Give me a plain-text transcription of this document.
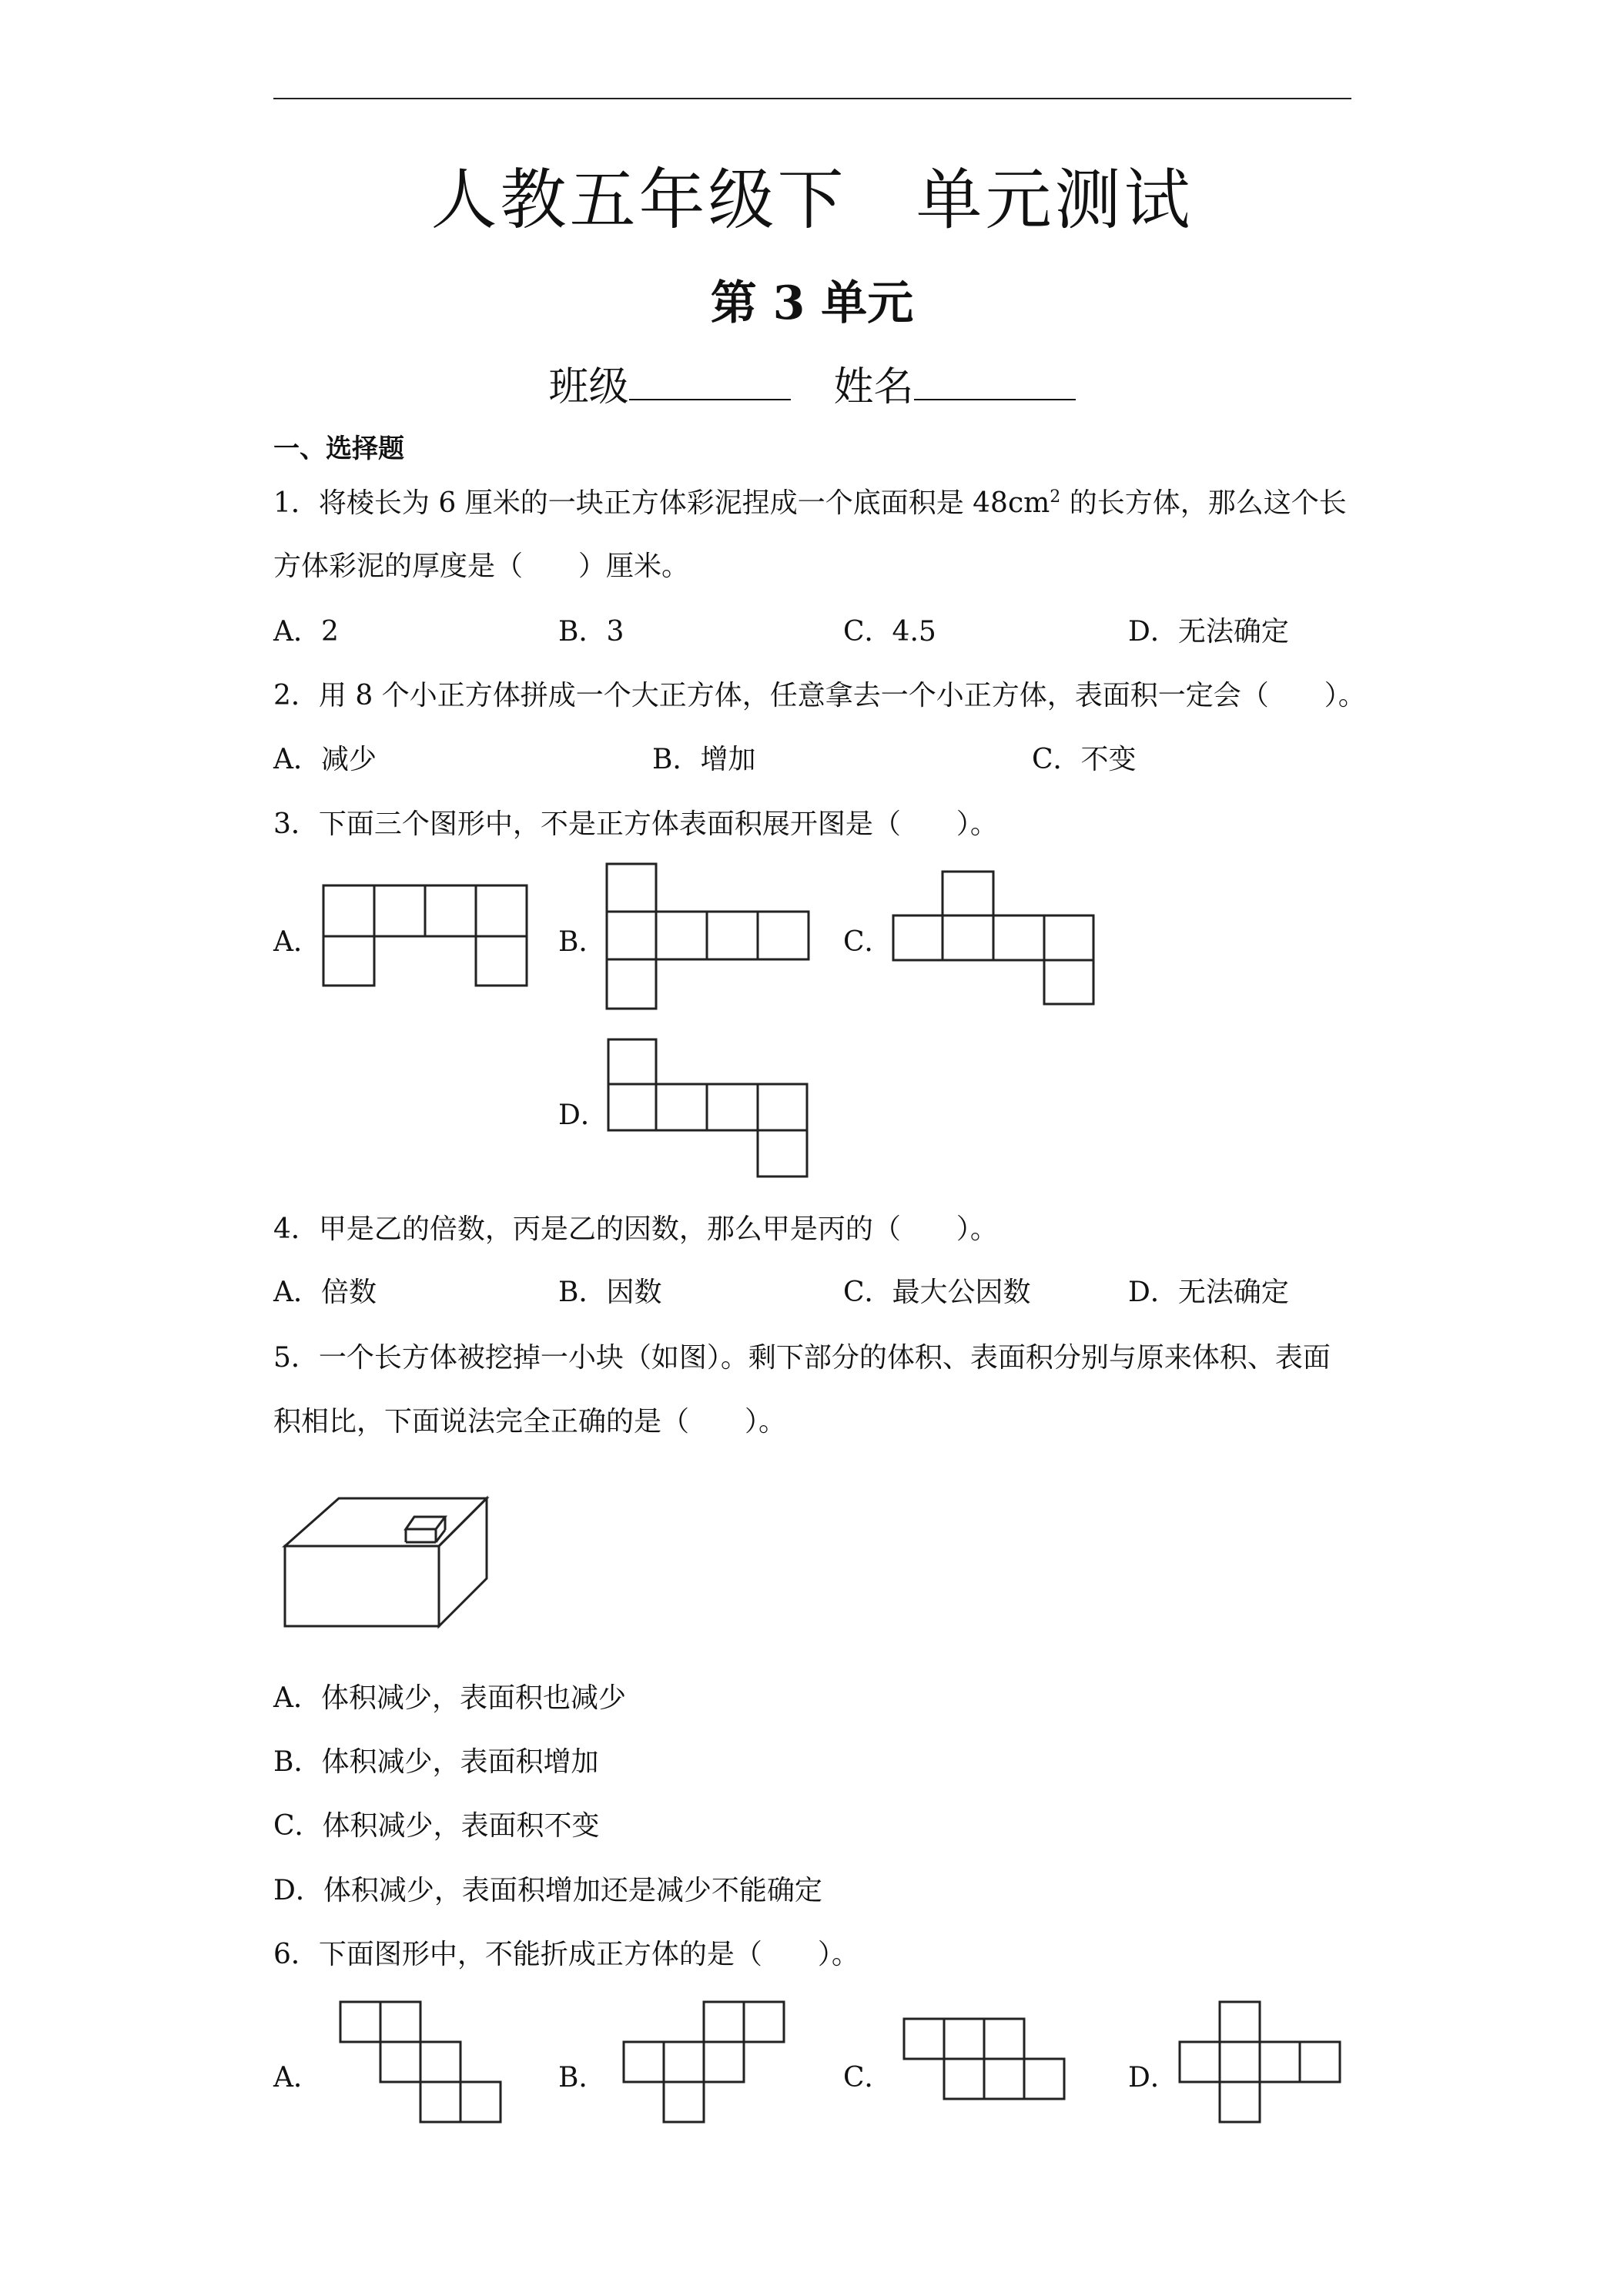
人教五年级下 单元测试
第 3 单元
班级	姓名
一、选择题
1．将棱长为 6 厘米的一块正方体彩泥捏成一个底面积是 $48cm^2$ 的长方体，那么这个长
方体彩泥的厚度是（　　）厘米。
A．2	B．3	C．4.5	D．无法确定
2．用 8 个小正方体拼成一个大正方体，任意拿去一个小正方体，表面积一定会（　　）。
A．减少	B．增加	C．不变
3．下面三个图形中，不是正方体表面积展开图是（　　）。
A．	B．	C．
D．
4．甲是乙的倍数，丙是乙的因数，那么甲是丙的（　　）。
A．倍数	B．因数	C．最大公因数	D．无法确定
5．一个长方体被挖掉一小块（如图）。剩下部分的体积、表面积分别与原来体积、表面
积相比，下面说法完全正确的是（　　）。
A．体积减少，表面积也减少
B．体积减少，表面积增加
C．体积减少，表面积不变
D．体积减少，表面积增加还是减少不能确定
6．下面图形中，不能折成正方体的是（　　）。
A．	B．	C．	D．
